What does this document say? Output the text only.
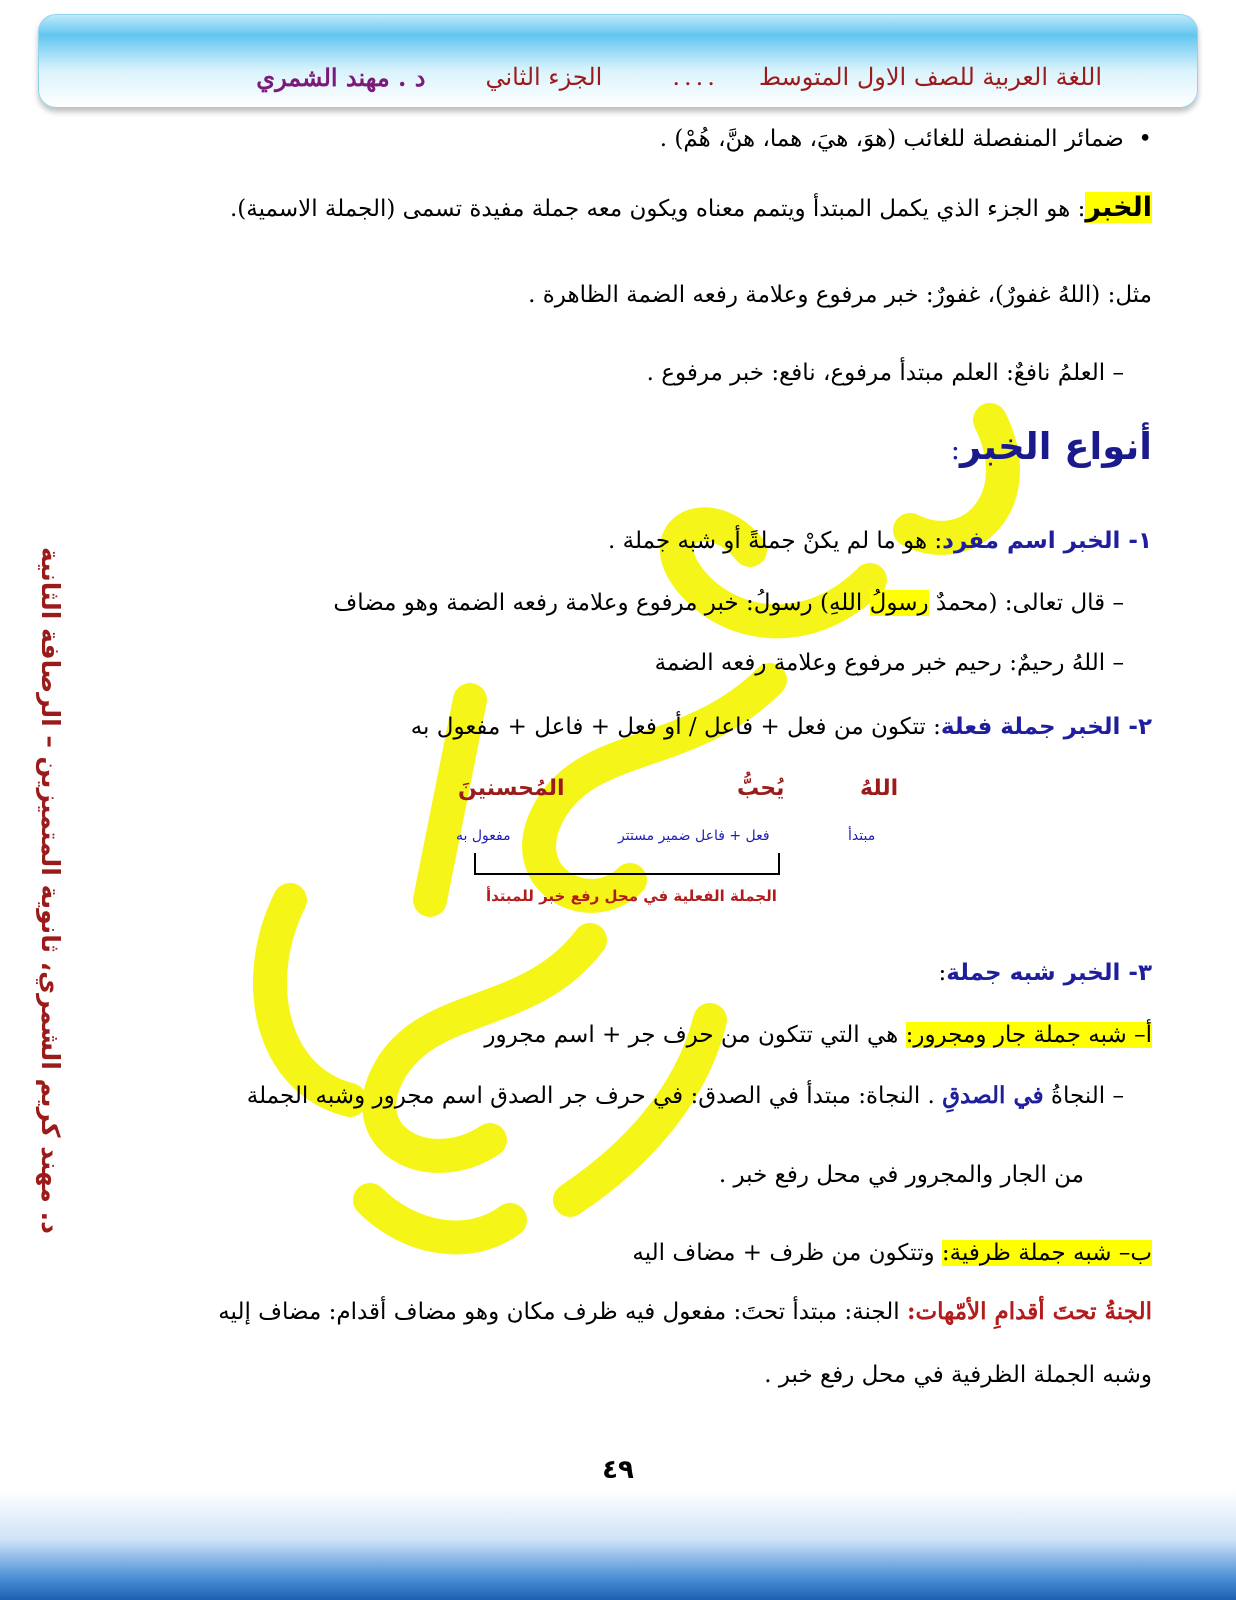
اللغة العربية للصف الاول المتوسط
....
الجزء الثاني
د . مهند الشمري
د. مهند كريم الشمري، ثانوية المتميزين – الرصافة الثانية
•  ضمائر المنفصلة للغائب (هوَ، هيَ، هما، هنَّ، هُمْ) .
الخبر: هو الجزء الذي يكمل المبتدأ ويتمم معناه ويكون معه جملة مفيدة تسمى (الجملة الاسمية).
مثل: (اللهُ غفورٌ)، غفورٌ: خبر مرفوع وعلامة رفعه الضمة الظاهرة .
– العلمُ نافعٌ: العلم مبتدأ مرفوع، نافع: خبر مرفوع .
أنواع الخبر:
١- الخبر اسم مفرد: هو ما لم يكنْ جملةً أو شبه جملة .
– قال تعالى: (محمدٌ رسولُ اللهِ) رسولُ: خبر مرفوع وعلامة رفعه الضمة وهو مضاف
– اللهُ رحيمٌ: رحيم خبر مرفوع وعلامة رفعه الضمة
٢- الخبر جملة فعلة: تتكون من فعل + فاعل / أو فعل + فاعل + مفعول به
اللهُ
يُحبُّ
المُحسنينَ
مبتدأ
فعل + فاعل ضمير مستتر
مفعول به
الجملة الفعلية في محل رفع خبر للمبتدأ
٣- الخبر شبه جملة:
أ– شبه جملة جار ومجرور: هي التي تتكون من حرف جر + اسم مجرور
– النجاةُ في الصدقِ . النجاة: مبتدأ في الصدق: في حرف جر الصدق اسم مجرور وشبه الجملة
من الجار والمجرور في محل رفع خبر .
ب– شبه جملة ظرفية: وتتكون من ظرف + مضاف اليه
الجنةُ تحتَ أقدامِ الأمّهات: الجنة: مبتدأ تحتَ: مفعول فيه ظرف مكان وهو مضاف أقدام: مضاف إليه
وشبه الجملة الظرفية في محل رفع خبر .
٤٩
